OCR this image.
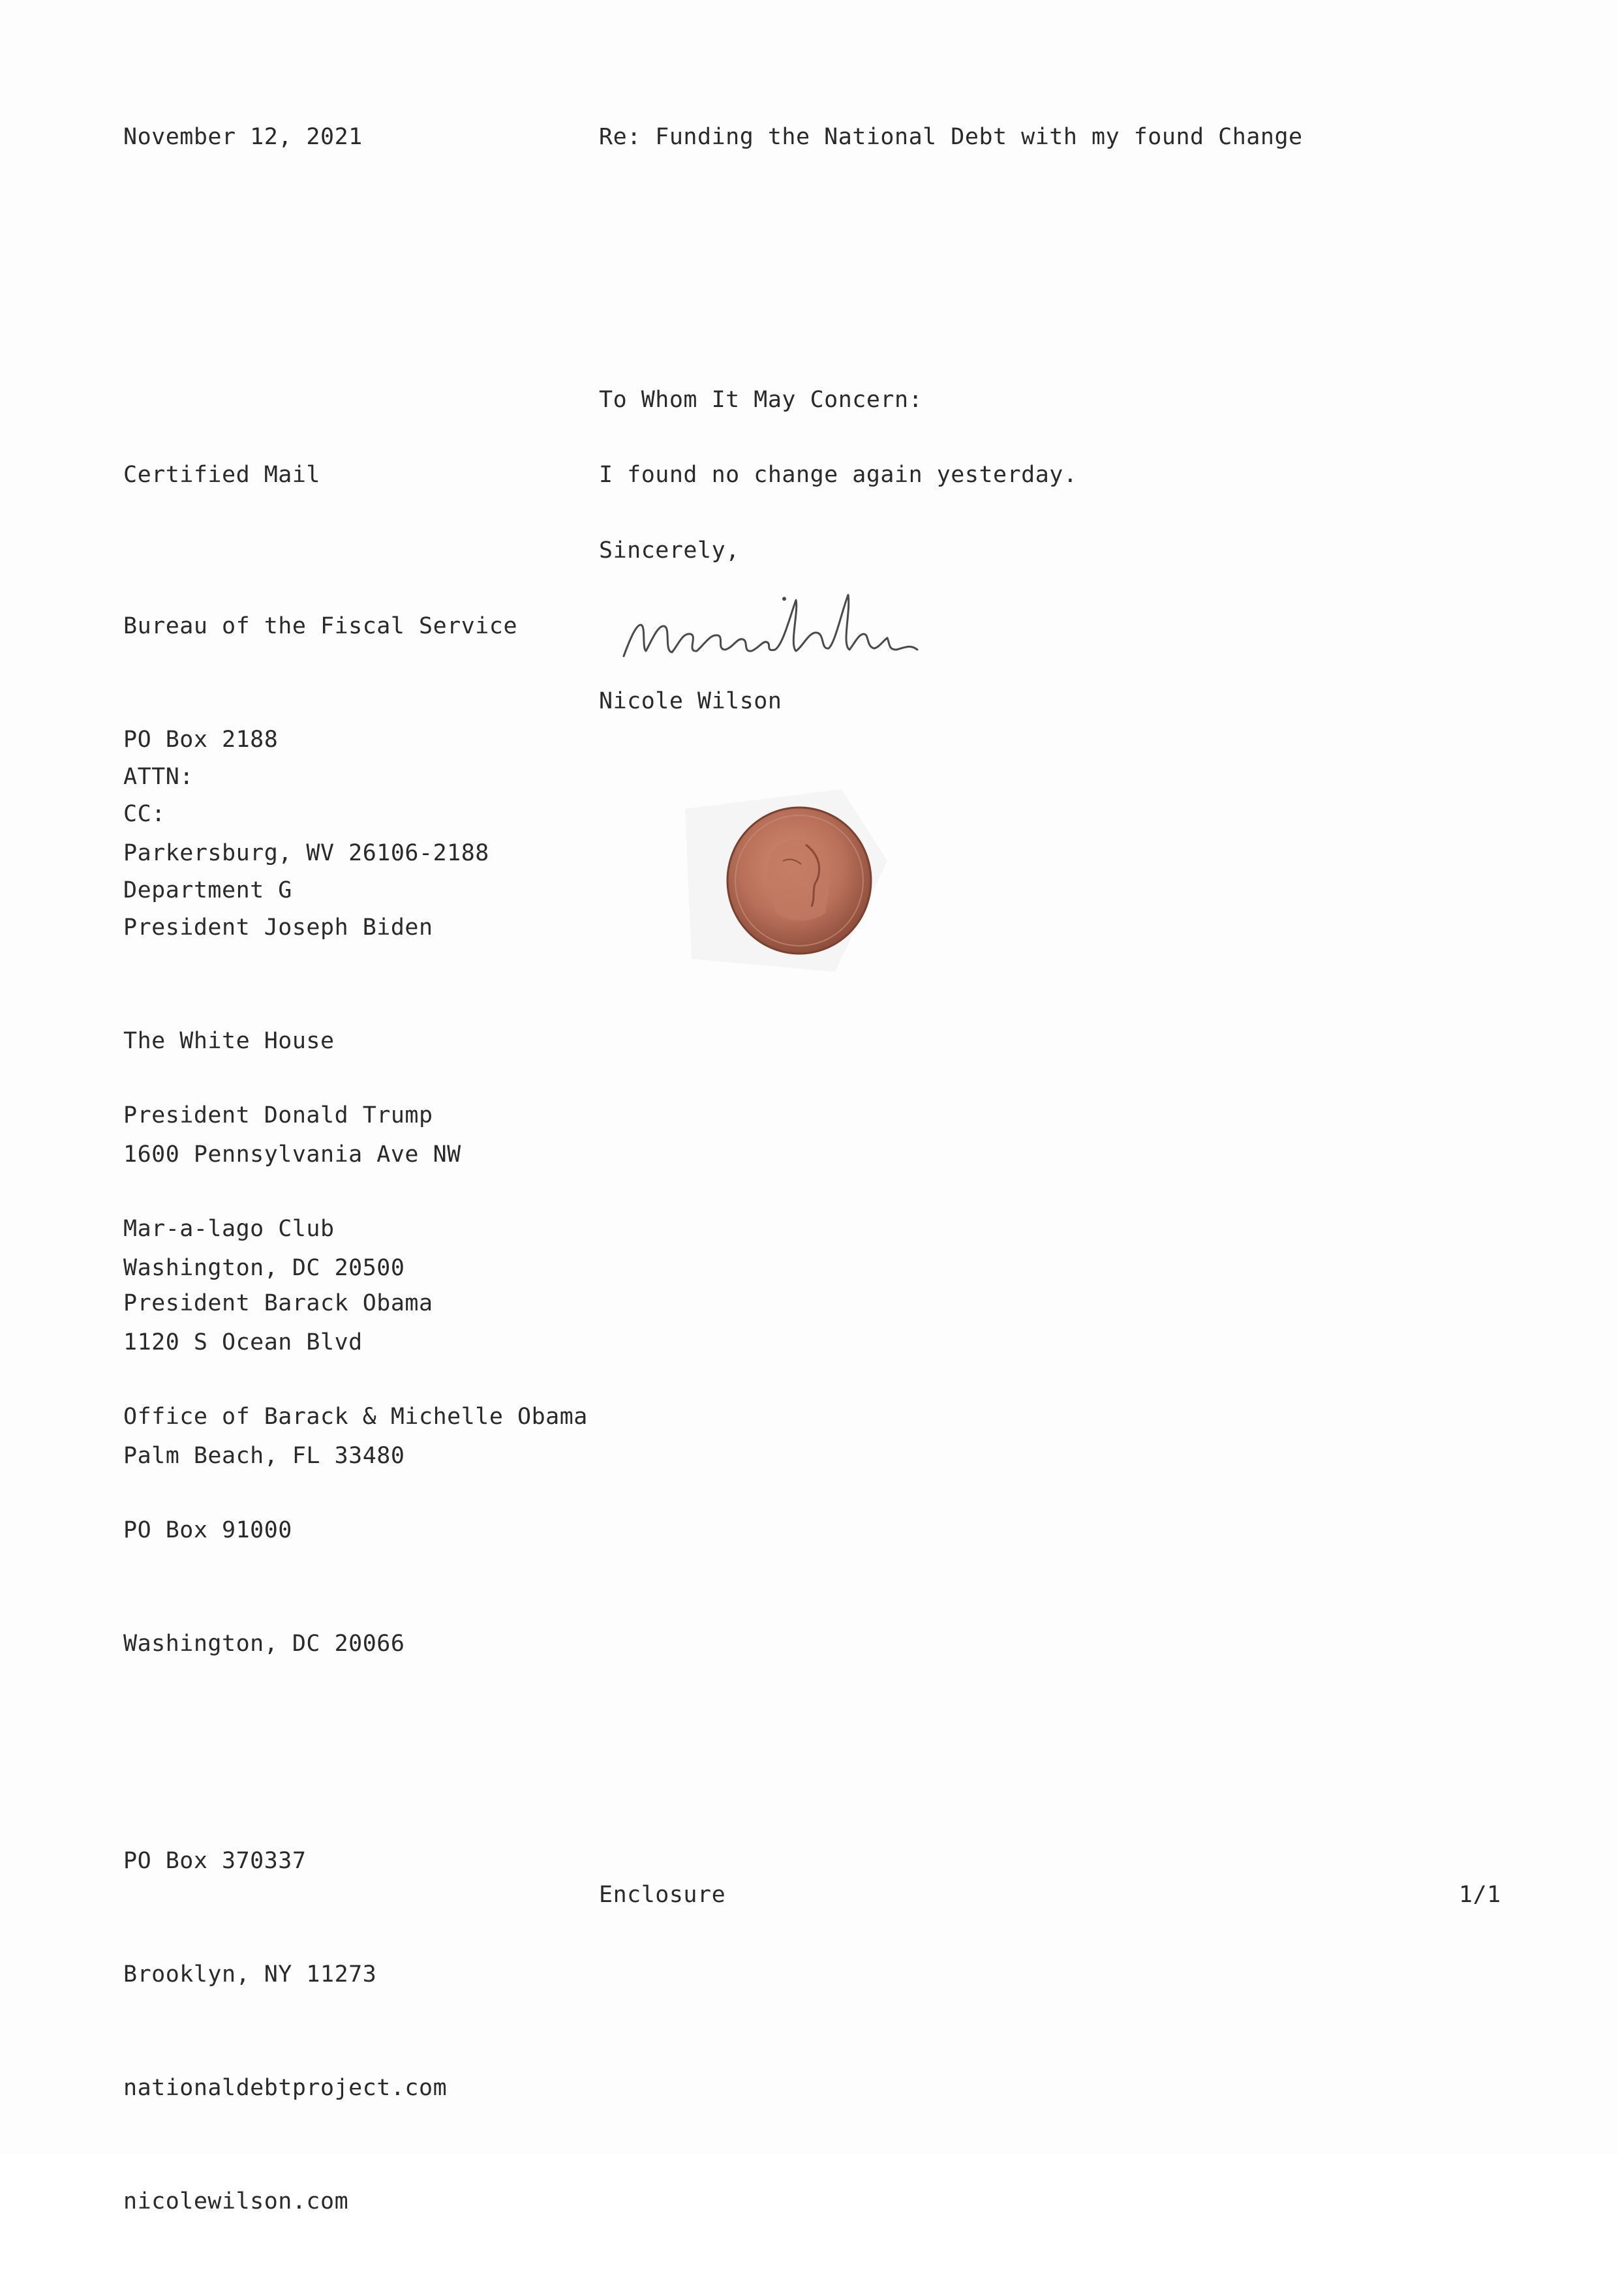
November 12, 2021	Re: Funding the National Debt with my found Change
To Whom It May Concern:
I found no change again yesterday.
Sincerely,
Nicole Wilson
Certified Mail

Bureau of the Fiscal Service

PO Box 2188

Parkersburg, WV 26106-2188

ATTN:

Department G

CC:

President Joseph Biden

The White House

1600 Pennsylvania Ave NW

Washington, DC 20500

President Donald Trump

Mar-a-lago Club

1120 S Ocean Blvd

Palm Beach, FL 33480

President Barack Obama

Office of Barack & Michelle Obama

PO Box 91000

Washington, DC 20066

PO Box 370337

Brooklyn, NY 11273

nationaldebtproject.com

nicolewilson.com

Enclosure	1/1
